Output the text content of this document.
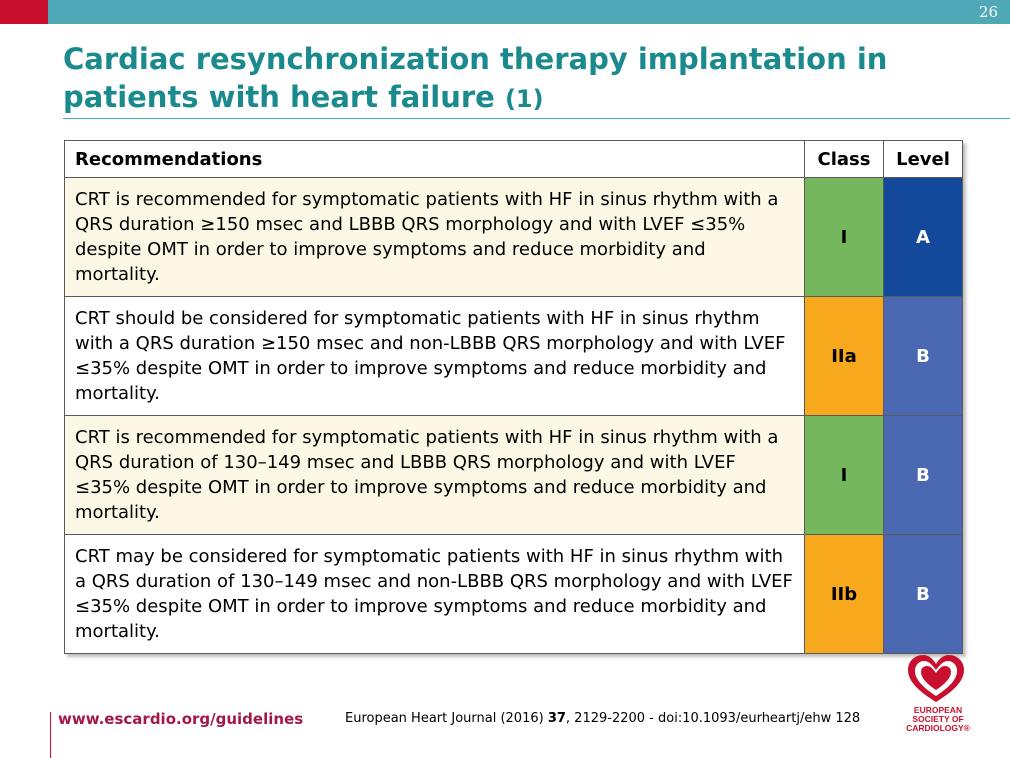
26
Cardiac resynchronization therapy implantation in patients with heart failure (1)
Recommendations	Class	Level
CRT is recommended for symptomatic patients with HF in sinus rhythm with a QRS duration ≥150 msec and LBBB QRS morphology and with LVEF ≤35% despite OMT in order to improve symptoms and reduce morbidity and mortality.	I	A
CRT should be considered for symptomatic patients with HF in sinus rhythm with a QRS duration ≥150 msec and non-LBBB QRS morphology and with LVEF ≤35% despite OMT in order to improve symptoms and reduce morbidity and mortality.	IIa	B
CRT is recommended for symptomatic patients with HF in sinus rhythm with a QRS duration of 130–149 msec and LBBB QRS morphology and with LVEF ≤35% despite OMT in order to improve symptoms and reduce morbidity and mortality.	I	B
CRT may be considered for symptomatic patients with HF in sinus rhythm with a QRS duration of 130–149 msec and non-LBBB QRS morphology and with LVEF ≤35% despite OMT in order to improve symptoms and reduce morbidity and mortality.	IIb	B
www.escardio.org/guidelines	European Heart Journal (2016) 37, 2129-2200 - doi:10.1093/eurheartj/ehw 128
EUROPEAN
SOCIETY OF
CARDIOLOGY®
